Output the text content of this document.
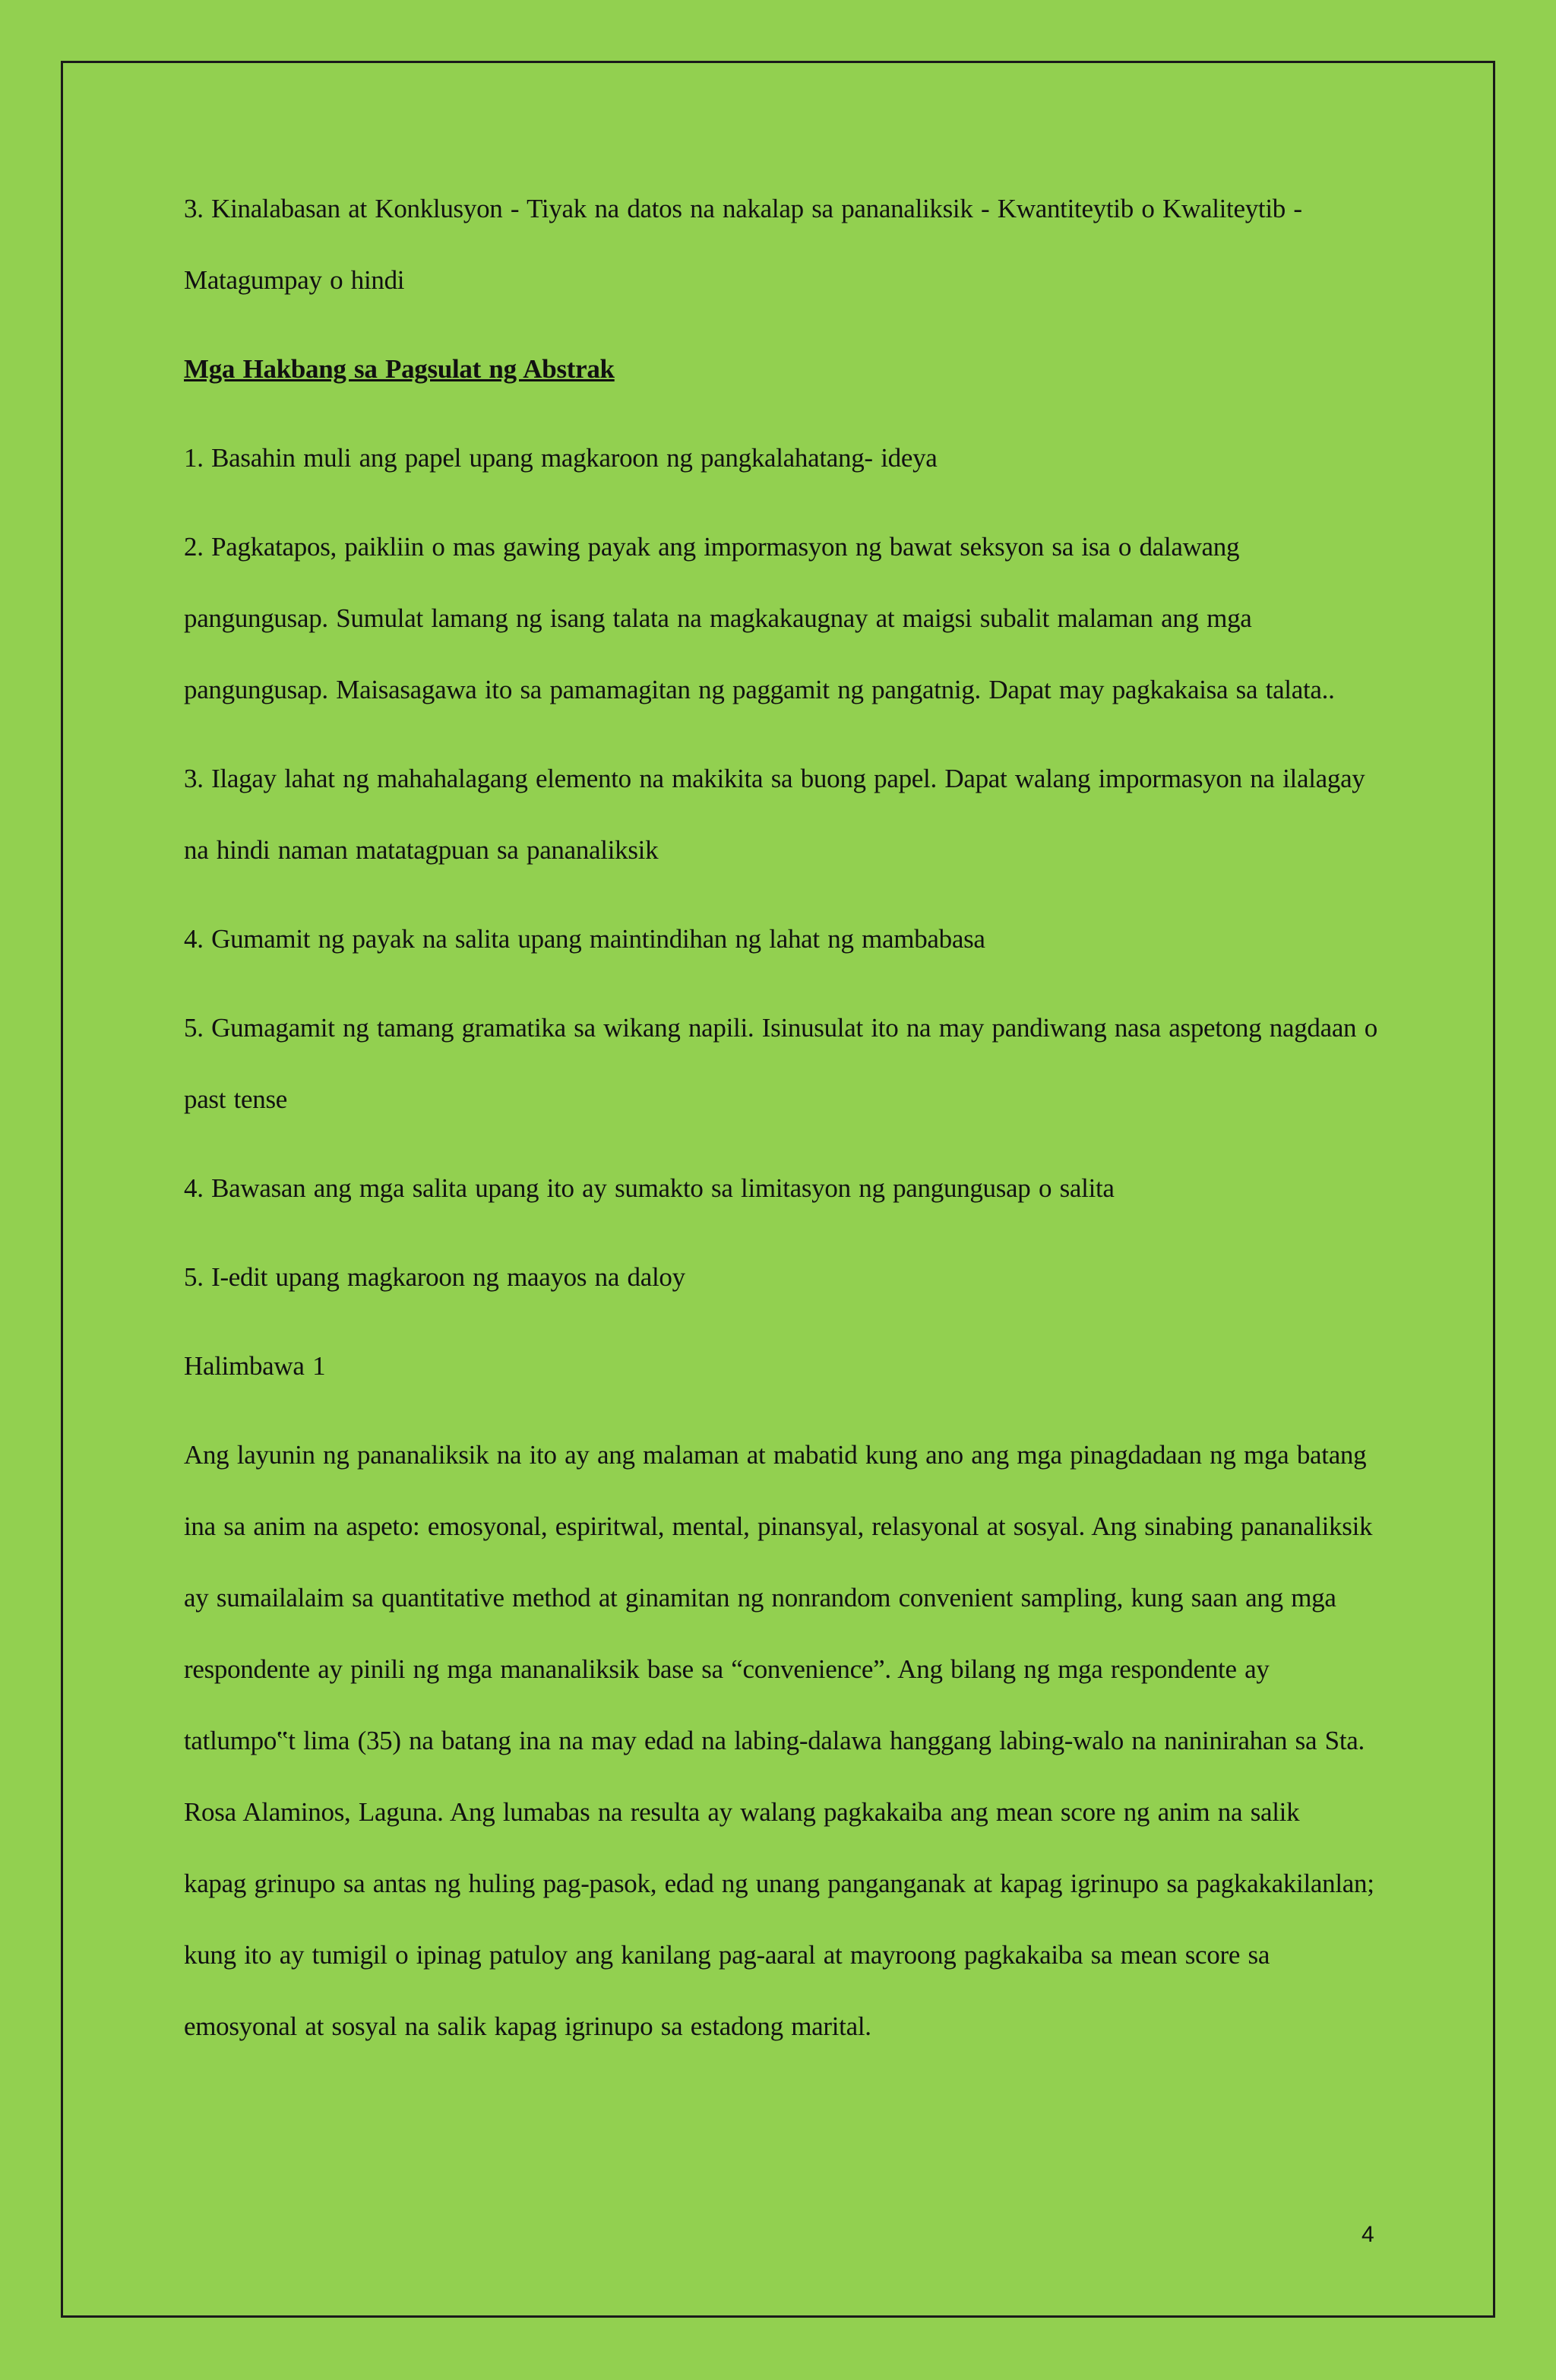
3. Kinalabasan at Konklusyon - Tiyak na datos na nakalap sa pananaliksik - Kwantiteytib o Kwaliteytib - Matagumpay o hindi

Mga Hakbang sa Pagsulat ng Abstrak

1. Basahin muli ang papel upang magkaroon ng pangkalahatang- ideya

2. Pagkatapos, paikliin o mas gawing payak ang impormasyon ng bawat seksyon sa isa o dalawang pangungusap. Sumulat lamang ng isang talata na magkakaugnay at maigsi subalit malaman ang mga pangungusap. Maisasagawa ito sa pamamagitan ng paggamit ng pangatnig. Dapat may pagkakaisa sa talata..

3. Ilagay lahat ng mahahalagang elemento na makikita sa buong papel. Dapat walang impormasyon na ilalagay na hindi naman matatagpuan sa pananaliksik

4. Gumamit ng payak na salita upang maintindihan ng lahat ng mambabasa

5. Gumagamit ng tamang gramatika sa wikang napili. Isinusulat ito na may pandiwang nasa aspetong nagdaan o past tense

4. Bawasan ang mga salita upang ito ay sumakto sa limitasyon ng pangungusap o salita

5. I-edit upang magkaroon ng maayos na daloy

Halimbawa 1

Ang layunin ng pananaliksik na ito ay ang malaman at mabatid kung ano ang mga pinagdadaan ng mga batang ina sa anim na aspeto: emosyonal, espiritwal, mental, pinansyal, relasyonal at sosyal. Ang sinabing pananaliksik ay sumailalaim sa quantitative method at ginamitan ng nonrandom convenient sampling, kung saan ang mga respondente ay pinili ng mga mananaliksik base sa “convenience”. Ang bilang ng mga respondente ay tatlumpo‟t lima (35) na batang ina na may edad na labing-dalawa hanggang labing-walo na naninirahan sa Sta. Rosa Alaminos, Laguna. Ang lumabas na resulta ay walang pagkakaiba ang mean score ng anim na salik

kapag grinupo sa antas ng huling pag-pasok, edad ng unang panganganak at kapag igrinupo sa pagkakakilanlan; kung ito ay tumigil o ipinag patuloy ang kanilang pag-aaral at mayroong pagkakaiba sa mean score sa emosyonal at sosyal na salik kapag igrinupo sa estadong marital.

4
